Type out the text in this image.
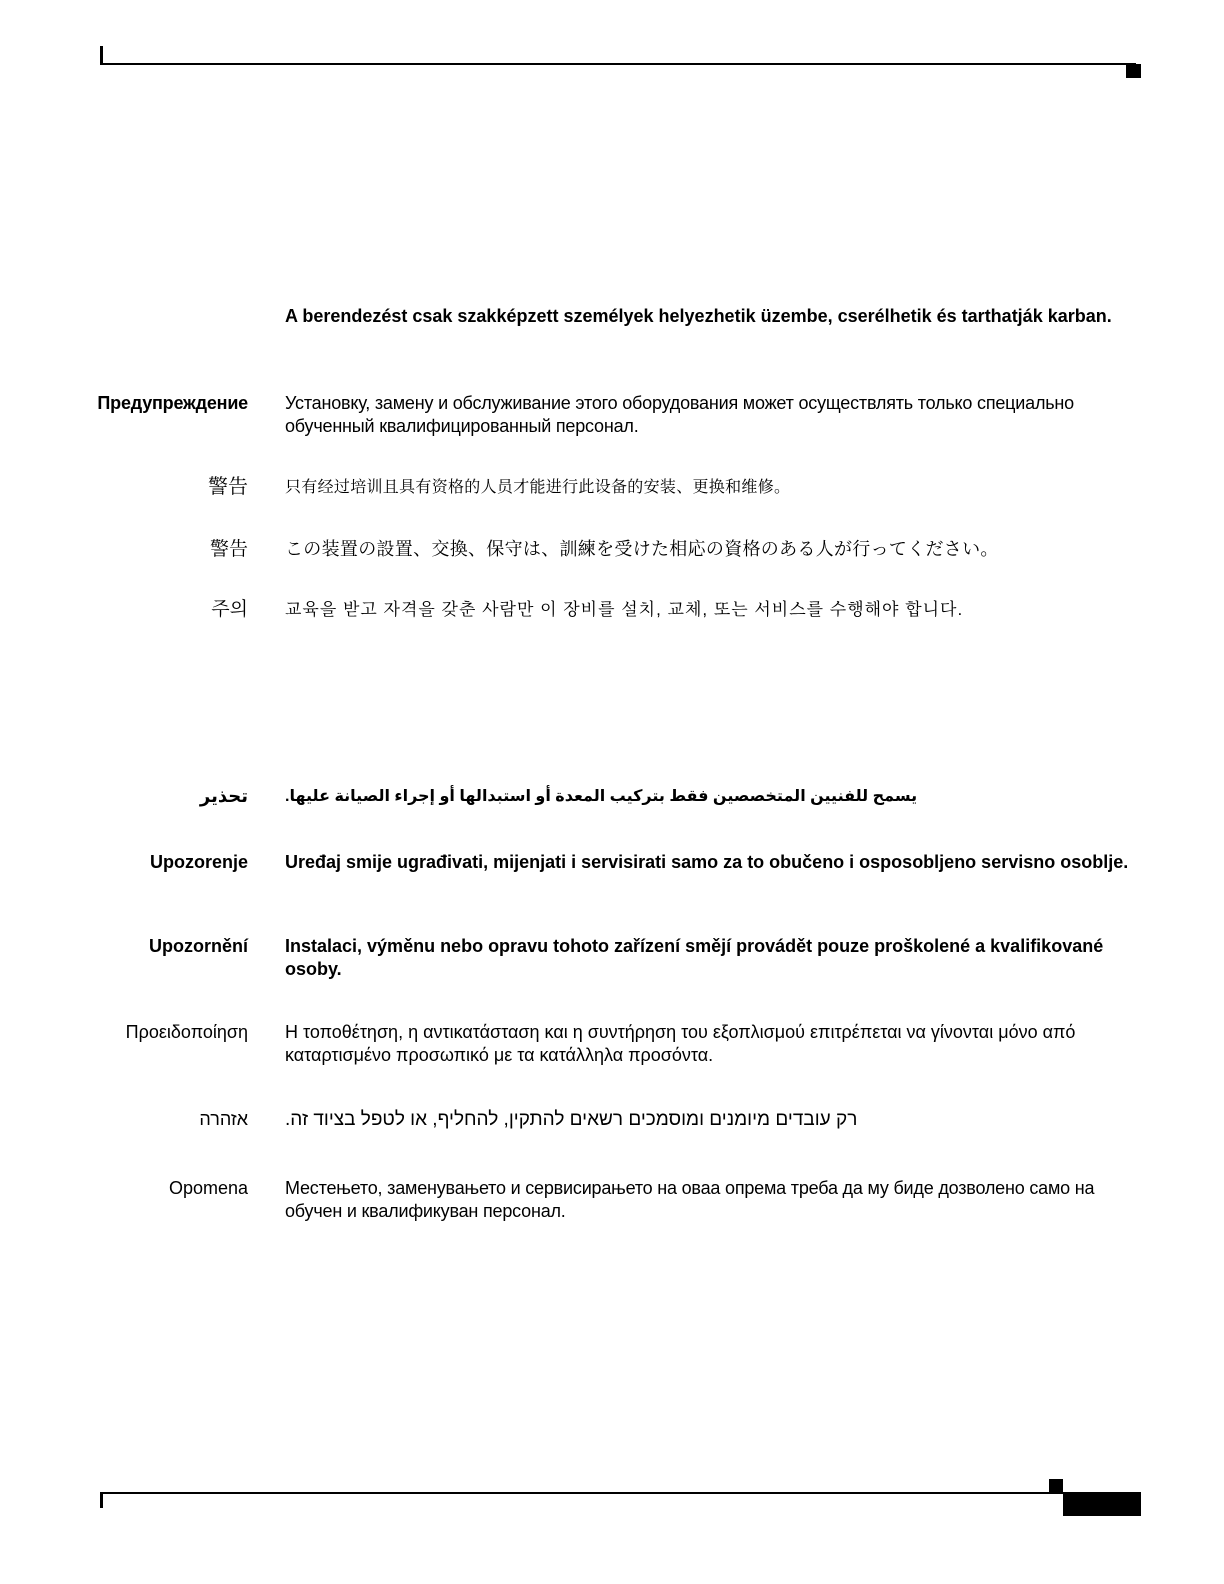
A berendezést csak szakképzett személyek helyezhetik üzembe, cserélhetik és tarthatják karban.
Предупреждение Установку, замену и обслуживание этого оборудования может осуществлять только специально обученный квалифицированный персонал.
警告 只有经过培训且具有资格的人员才能进行此设备的安装、更换和维修。
警告 この装置の設置、交換、保守は、訓練を受けた相応の資格のある人が行ってください。
주의 교육을 받고 자격을 갖춘 사람만 이 장비를 설치, 교체, 또는 서비스를 수행해야 합니다.
تحذير يسمح للفنيين المتخصصين فقط بتركيب المعدة أو استبدالها أو إجراء الصيانة عليها.
Upozorenje Uređaj smije ugrađivati, mijenjati i servisirati samo za to obučeno i osposobljeno servisno osoblje.
Upozornění Instalaci, výměnu nebo opravu tohoto zařízení smějí provádět pouze proškolené a kvalifikované osoby.
Προειδοποίηση Η τοποθέτηση, η αντικατάσταση και η συντήρηση του εξοπλισμού επιτρέπεται να γίνονται μόνο από καταρτισμένο προσωπικό με τα κατάλληλα προσόντα.
אזהרה רק עובדים מיומנים ומוסמכים רשאים להתקין, להחליף, או לטפל בציוד זה.
Opomena Местењето, заменувањето и сервисирањето на оваа опрема треба да му биде дозволено само на обучен и квалификуван персонал.
